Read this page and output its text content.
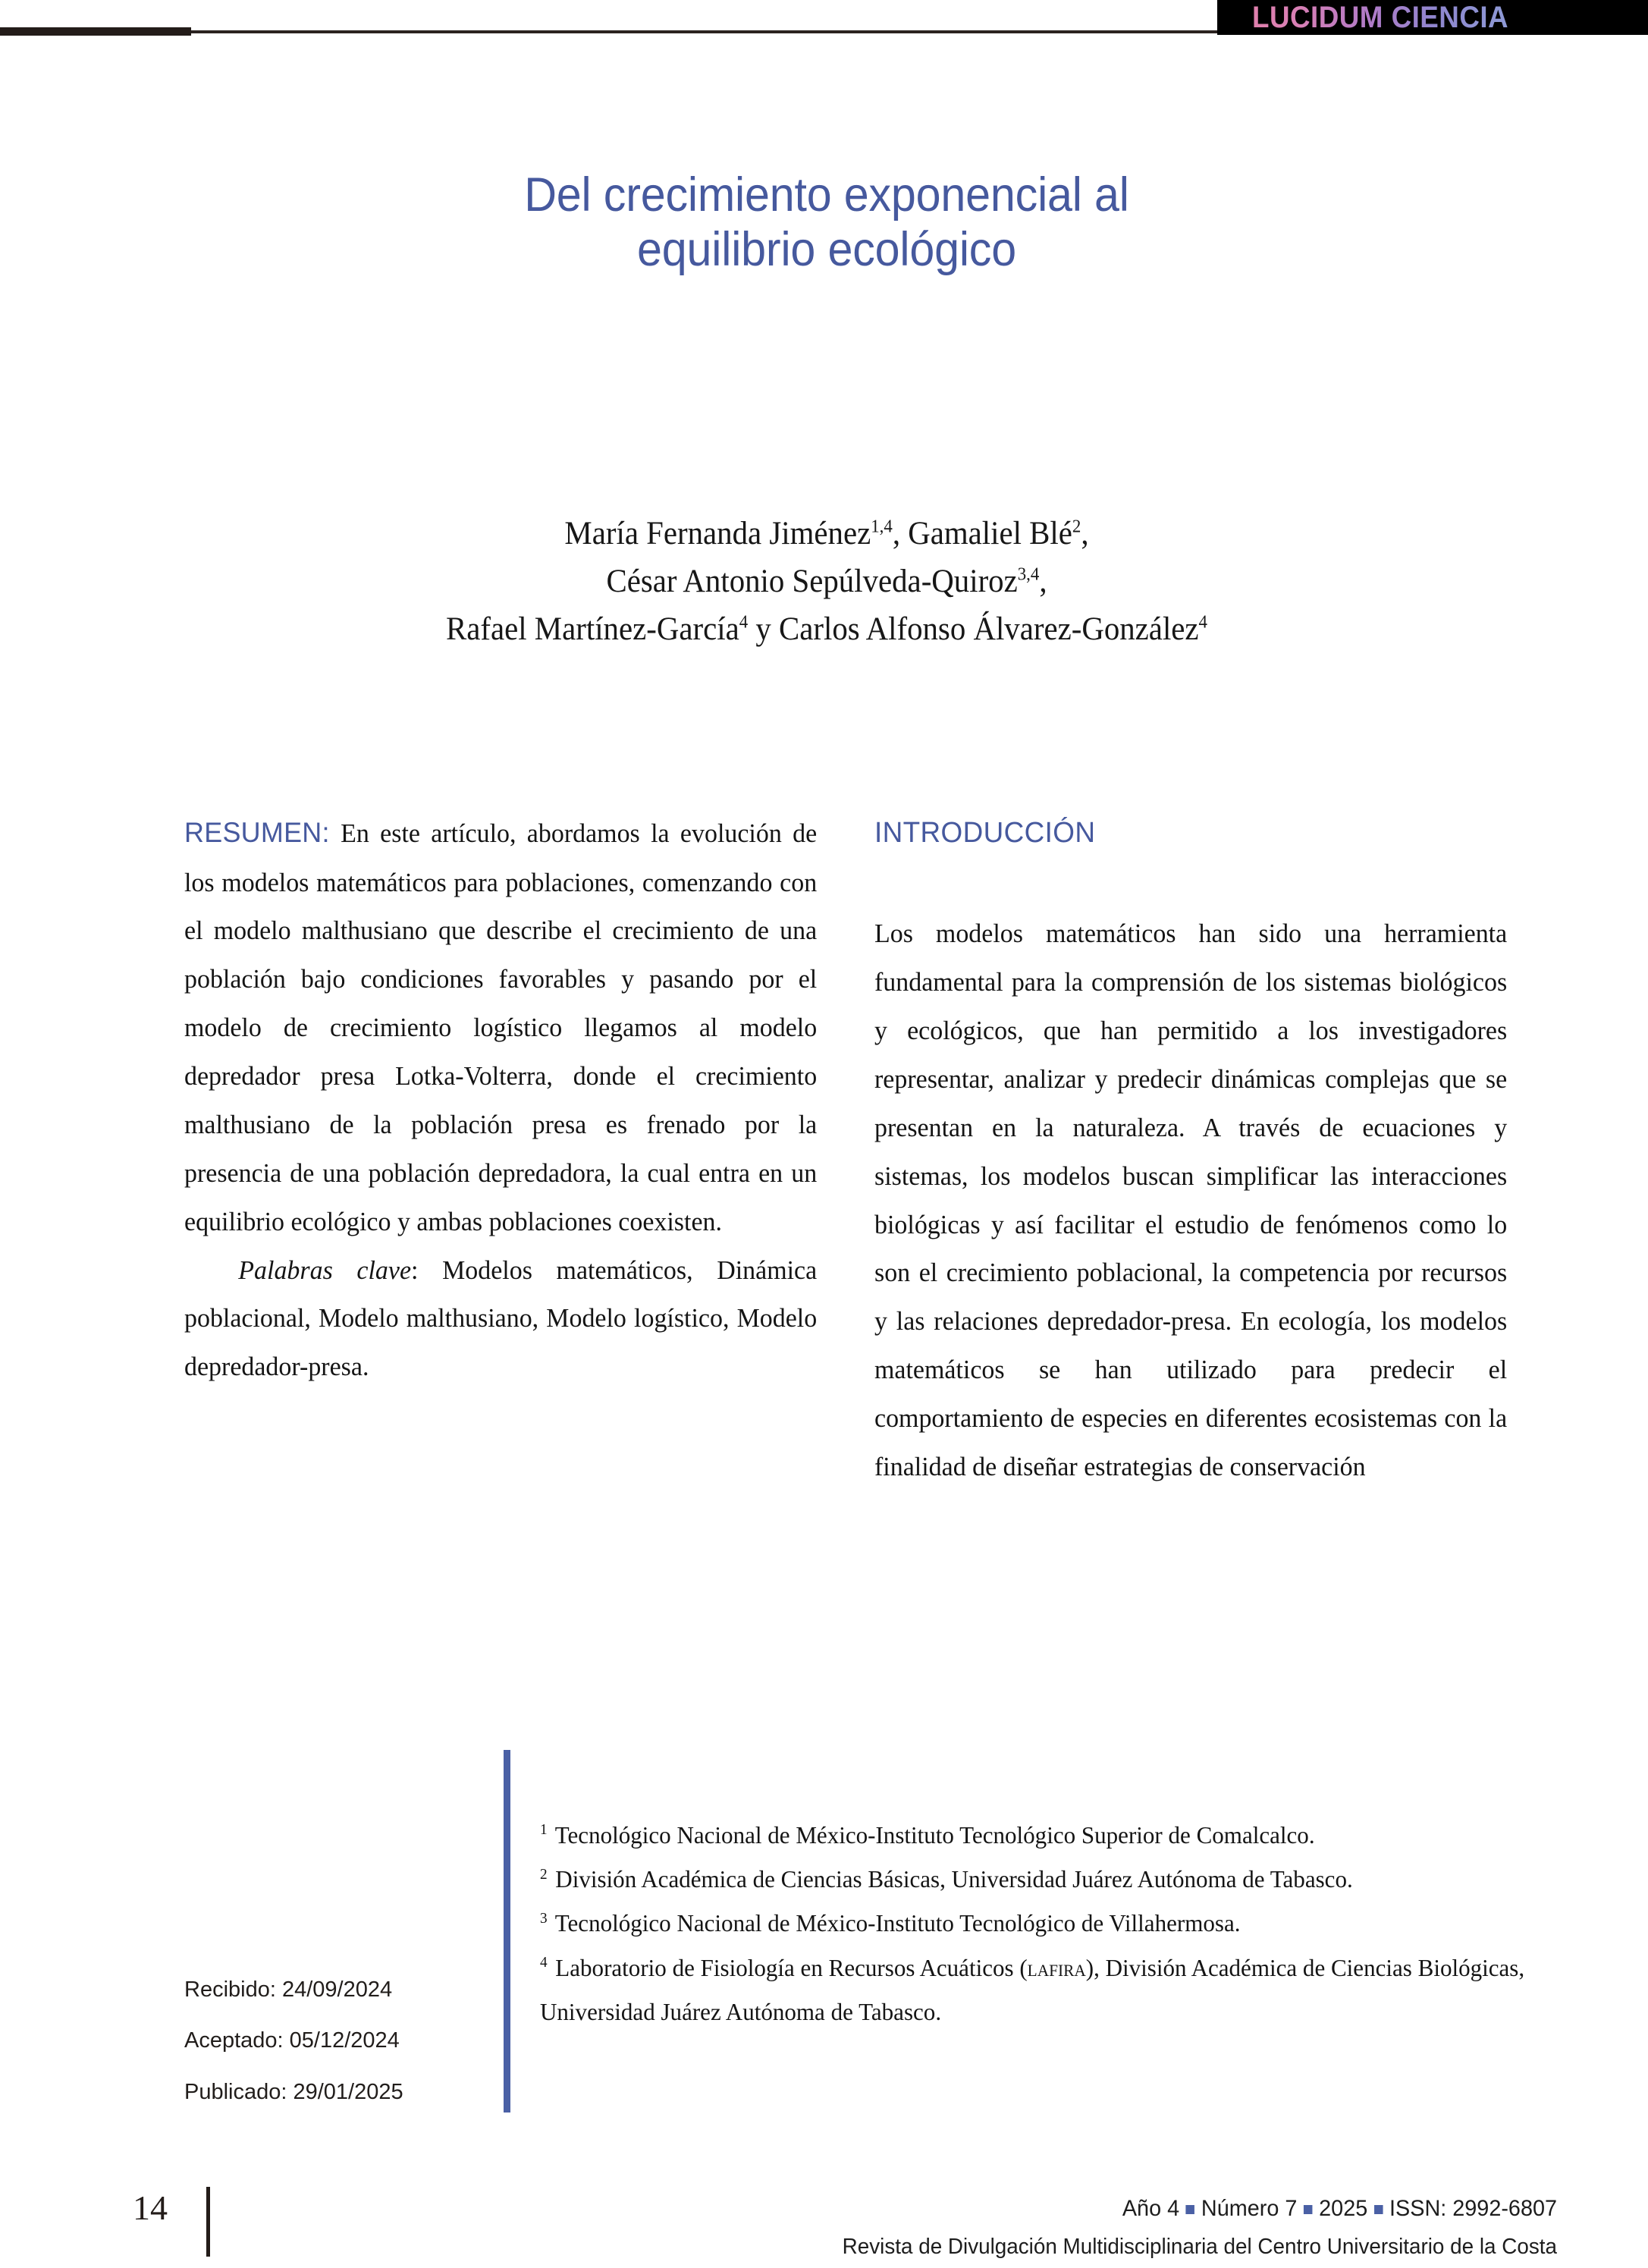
LUCIDUM CIENCIA
Del crecimiento exponencial al
equilibrio ecológico
María Fernanda Jiménez$^{1,4}$, Gamaliel Blé$^2$,
César Antonio Sepúlveda-Quiroz$^{3,4}$,
Rafael Martínez-García$^4$ y Carlos Alfonso Álvarez-González$^4$

RESUMEN: En este artículo, abordamos la evolución de los modelos matemáticos para poblaciones, comenzando con el modelo malthusiano que describe el crecimiento de una población bajo condiciones favorables y pasando por el modelo de crecimiento logístico llegamos al modelo depredador presa Lotka-Volterra, donde el crecimiento malthusiano de la población presa es frenado por la presencia de una población depredadora, la cual entra en un equilibrio ecológico y ambas poblaciones coexisten.

Palabras clave: Modelos matemáticos, Dinámica poblacional, Modelo malthusiano, Modelo logístico, Modelo depredador-presa.

INTRODUCCIÓN

Los modelos matemáticos han sido una herramienta fundamental para la comprensión de los sistemas biológicos y ecológicos, que han permitido a los investigadores representar, analizar y predecir dinámicas complejas que se presentan en la naturaleza. A través de ecuaciones y sistemas, los modelos buscan simplificar las interacciones biológicas y así facilitar el estudio de fenómenos como lo son el crecimiento poblacional, la competencia por recursos y las relaciones depredador-presa. En ecología, los modelos matemáticos se han utilizado para predecir el comportamiento de especies en diferentes ecosistemas con la finalidad de diseñar estrategias de conservación

Recibido: 24/09/2024
Aceptado: 05/12/2024
Publicado: 29/01/2025

$^1$ Tecnológico Nacional de México-Instituto Tecnológico Superior de Comalcalco.

$^2$ División Académica de Ciencias Básicas, Universidad Juárez Autónoma de Tabasco.

$^3$ Tecnológico Nacional de México-Instituto Tecnológico de Villahermosa.

$^4$ Laboratorio de Fisiología en Recursos Acuáticos (lafira), División Académica de Ciencias Biológicas, Universidad Juárez Autónoma de Tabasco.

14	Año 4 Número 7 2025 ISSN: 2992-6807
Revista de Divulgación Multidisciplinaria del Centro Universitario de la Costa
